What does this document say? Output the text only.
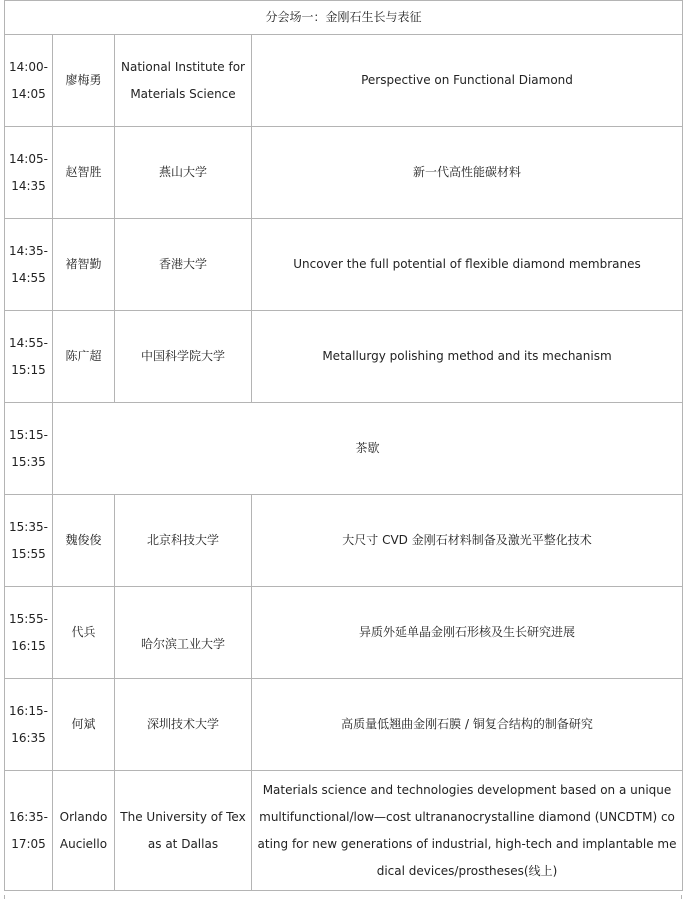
分会场一：金刚石生长与表征			
14:00-14:05	廖梅勇	National Institute for Materials Science	Perspective on Functional Diamond
14:05-14:35	赵智胜	燕山大学	新一代高性能碳材料
14:35-14:55	褚智勤	香港大学	Uncover the full potential of flexible diamond membranes
14:55-15:15	陈广超	中国科学院大学	Metallurgy polishing method and its mechanism
15:15-15:35	茶歇		
15:35-15:55	魏俊俊	北京科技大学	大尺寸 CVD 金刚石材料制备及激光平整化技术
15:55-16:15	代兵	哈尔滨工业大学	异质外延单晶金刚石形核及生长研究进展
16:15-16:35	何斌	深圳技术大学	高质量低翘曲金刚石膜 / 铜复合结构的制备研究
16:35-17:05	Orlando Auciello	The University of Texas at Dallas	Materials science and technologies development based on a unique multifunctional/low—cost ultrananocrystalline diamond (UNCDTM) coating for new generations of industrial, high-tech and implantable medical devices/prostheses(线上)
